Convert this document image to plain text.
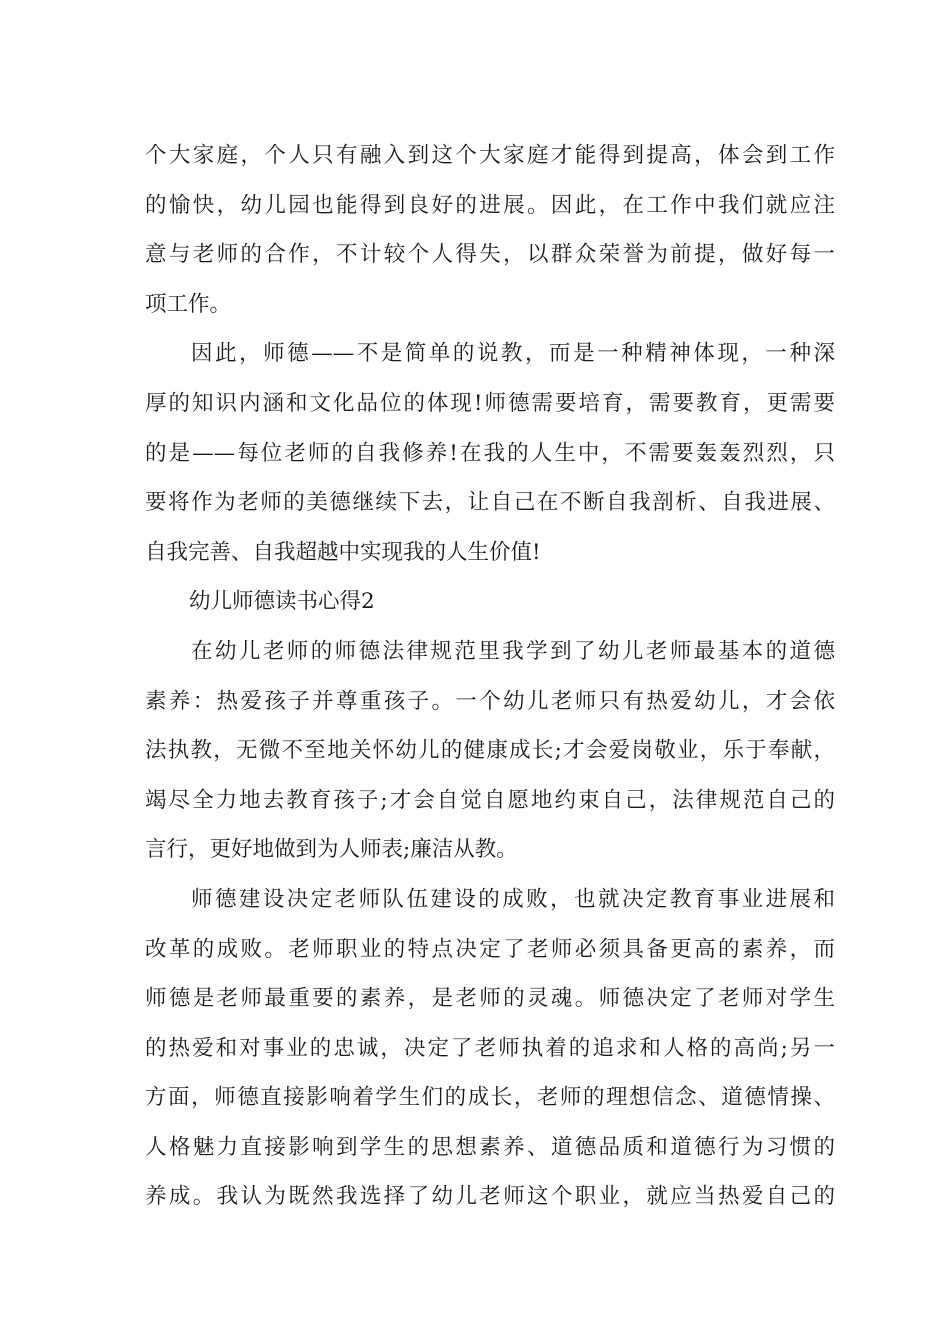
个大家庭，个人只有融入到这个大家庭才能得到提高，体会到工作
的愉快，幼儿园也能得到良好的进展。因此，在工作中我们就应注
意与老师的合作，不计较个人得失，以群众荣誉为前提，做好每一
项工作。
因此，师德——不是简单的说教，而是一种精神体现，一种深
厚的知识内涵和文化品位的体现!师德需要培育，需要教育，更需要
的是——每位老师的自我修养!在我的人生中，不需要轰轰烈烈，只
要将作为老师的美德继续下去，让自己在不断自我剖析、自我进展、
自我完善、自我超越中实现我的人生价值!
幼儿师德读书心得2
在幼儿老师的师德法律规范里我学到了幼儿老师最基本的道德
素养：热爱孩子并尊重孩子。一个幼儿老师只有热爱幼儿，才会依
法执教，无微不至地关怀幼儿的健康成长;才会爱岗敬业，乐于奉献，
竭尽全力地去教育孩子;才会自觉自愿地约束自己，法律规范自己的
言行，更好地做到为人师表;廉洁从教。
师德建设决定老师队伍建设的成败，也就决定教育事业进展和
改革的成败。老师职业的特点决定了老师必须具备更高的素养，而
师德是老师最重要的素养，是老师的灵魂。师德决定了老师对学生
的热爱和对事业的忠诚，决定了老师执着的追求和人格的高尚;另一
方面，师德直接影响着学生们的成长，老师的理想信念、道德情操、
人格魅力直接影响到学生的思想素养、道德品质和道德行为习惯的
养成。我认为既然我选择了幼儿老师这个职业，就应当热爱自己的
